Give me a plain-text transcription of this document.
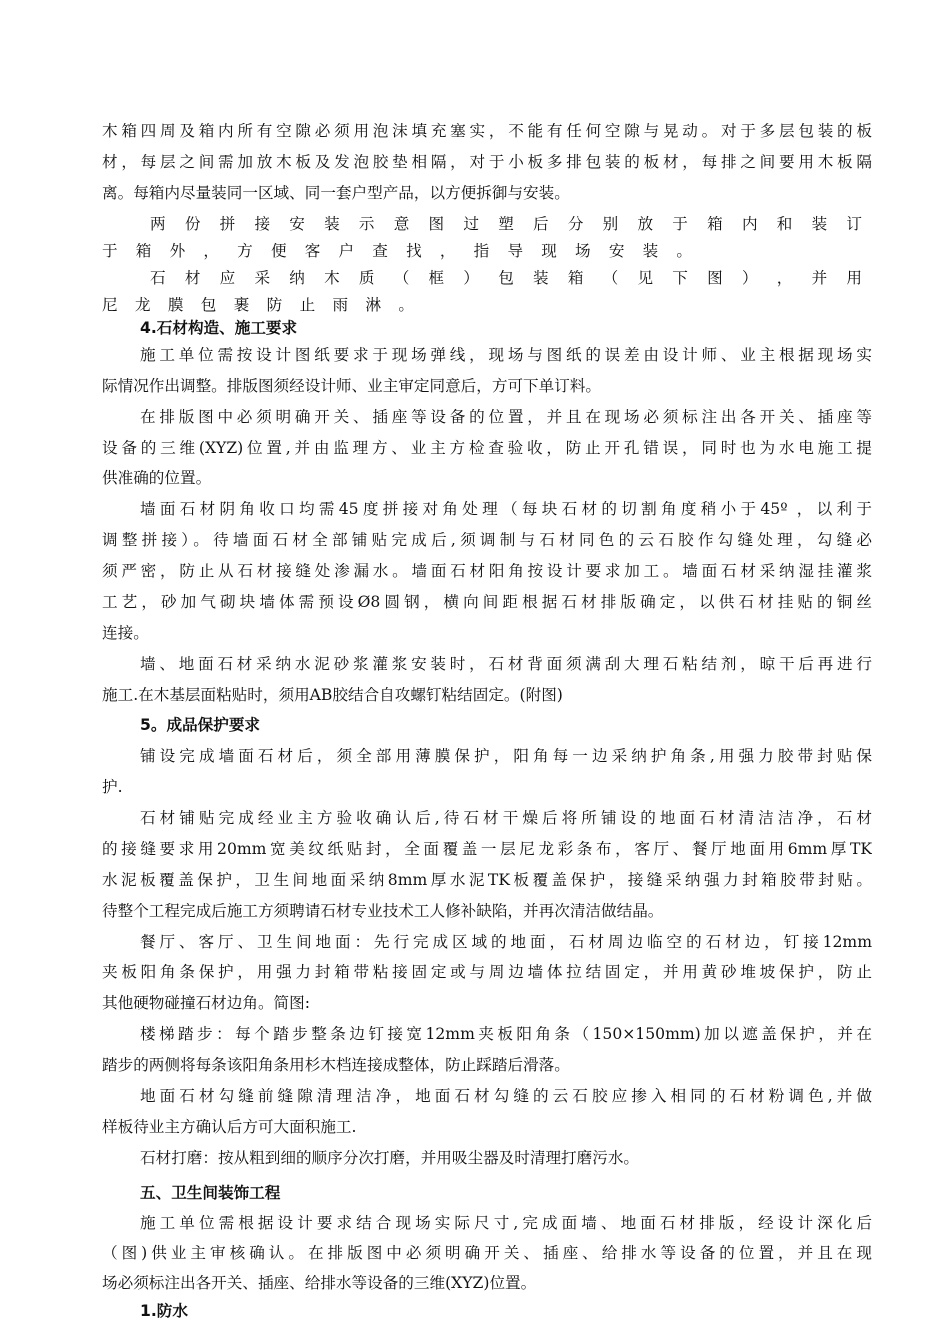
木箱四周及箱内所有空隙必须用泡沫填充塞实，不能有任何空隙与晃动。对于多层包装的板
材，每层之间需加放木板及发泡胶垫相隔，对于小板多排包装的板材，每排之间要用木板隔
离。每箱内尽量装同一区域、同一套户型产品，以方便拆御与安装。
两 份 拼 接 安 装 示 意 图 过 塑 后 分 别 放 于 箱 内 和 装 订
于 箱 外 ， 方 便 客 户 查 找 ， 指 导 现 场 安 装 。
石 材 应 采 纳 木 质 （ 框 ） 包 装 箱 （ 见 下 图 ） ， 并 用
尼 龙 膜 包 裹 防 止 雨 淋 。
4.石材构造、施工要求
施工单位需按设计图纸要求于现场弹线，现场与图纸的误差由设计师、业主根据现场实
际情况作出调整。排版图须经设计师、业主审定同意后，方可下单订料。
在排版图中必须明确开关、插座等设备的位置，并且在现场必须标注出各开关、插座等
设备的三维(XYZ)位置,并由监理方、业主方检查验收，防止开孔错误，同时也为水电施工提
供准确的位置。
墙面石材阴角收口均需45度拼接对角处理（每块石材的切割角度稍小于45º ，以利于
调整拼接）。待墙面石材全部铺贴完成后,须调制与石材同色的云石胶作勾缝处理，勾缝必
须严密，防止从石材接缝处渗漏水。墙面石材阳角按设计要求加工。墙面石材采纳湿挂灌浆
工艺，砂加气砌块墙体需预设Ø8圆钢，横向间距根据石材排版确定，以供石材挂贴的铜丝
连接。
墙、地面石材采纳水泥砂浆灌浆安装时，石材背面须满刮大理石粘结剂，晾干后再进行
施工.在木基层面粘贴时，须用AB胶结合自攻螺钉粘结固定。(附图)
5。成品保护要求
铺设完成墙面石材后，须全部用薄膜保护，阳角每一边采纳护角条,用强力胶带封贴保
护.
石材铺贴完成经业主方验收确认后,待石材干燥后将所铺设的地面石材清洁洁净，石材
的接缝要求用20mm宽美纹纸贴封，全面覆盖一层尼龙彩条布，客厅、餐厅地面用6mm厚TK
水泥板覆盖保护，卫生间地面采纳8mm厚水泥TK板覆盖保护，接缝采纳强力封箱胶带封贴。
待整个工程完成后施工方须聘请石材专业技术工人修补缺陷，并再次清洁做结晶。
餐厅、客厅、卫生间地面：先行完成区域的地面，石材周边临空的石材边，钉接12mm
夹板阳角条保护，用强力封箱带粘接固定或与周边墙体拉结固定，并用黄砂堆坡保护，防止
其他硬物碰撞石材边角。简图:
楼梯踏步：每个踏步整条边钉接宽12mm夹板阳角条（150×150mm)加以遮盖保护，并在
踏步的两侧将每条该阳角条用杉木档连接成整体，防止踩踏后滑落。
地面石材勾缝前缝隙清理洁净，地面石材勾缝的云石胶应掺入相同的石材粉调色,并做
样板待业主方确认后方可大面积施工.
石材打磨：按从粗到细的顺序分次打磨，并用吸尘器及时清理打磨污水。
五、卫生间装饰工程
施工单位需根据设计要求结合现场实际尺寸,完成面墙、地面石材排版，经设计深化后
（图)供业主审核确认。在排版图中必须明确开关、插座、给排水等设备的位置，并且在现
场必须标注出各开关、插座、给排水等设备的三维(XYZ)位置。
1.防水
